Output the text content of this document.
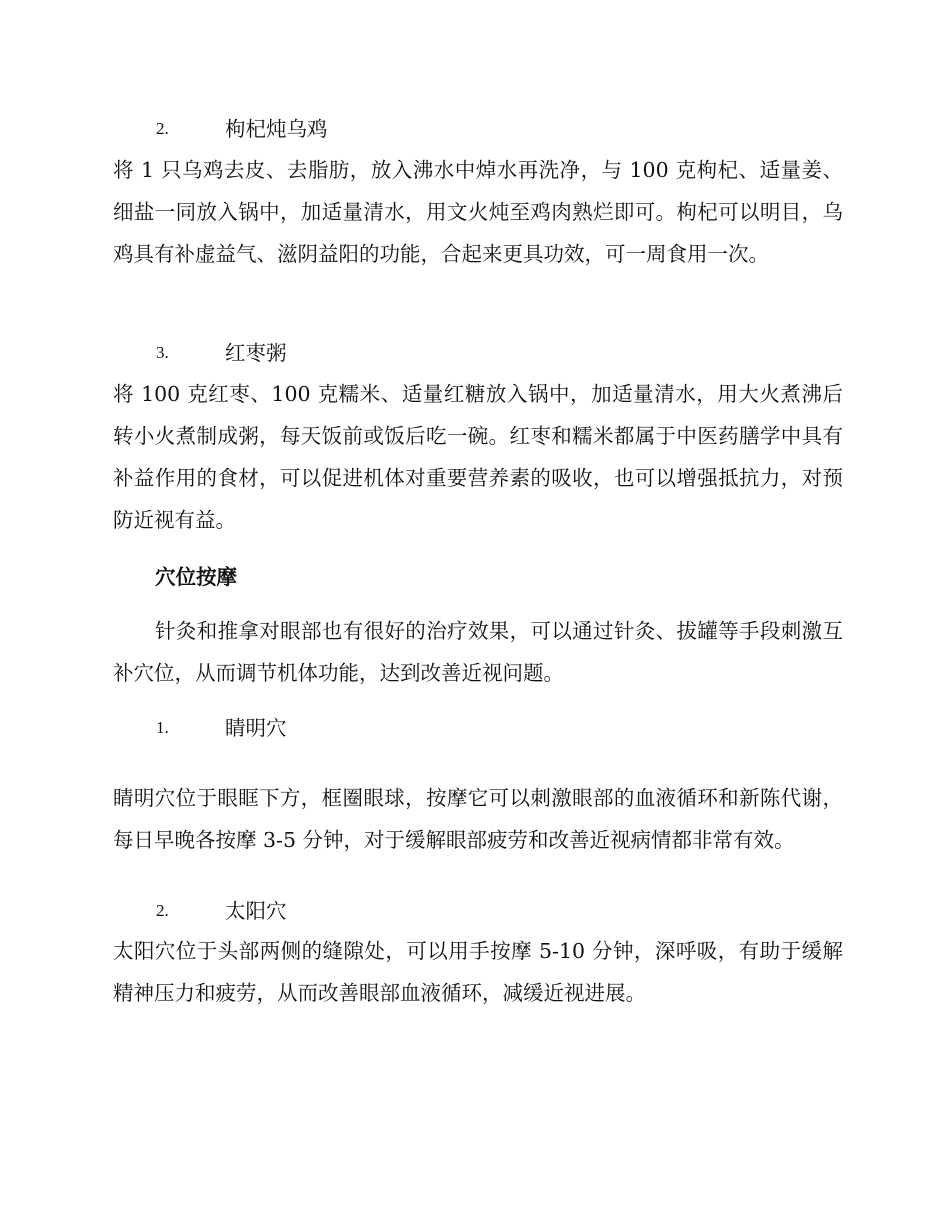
2.	枸杞炖乌鸡

将 1 只乌鸡去皮、去脂肪，放入沸水中焯水再洗净，与 100 克枸杞、适量姜、细盐一同放入锅中，加适量清水，用文火炖至鸡肉熟烂即可。枸杞可以明目，乌鸡具有补虚益气、滋阴益阳的功能，合起来更具功效，可一周食用一次。

3.	红枣粥

将 100 克红枣、100 克糯米、适量红糖放入锅中，加适量清水，用大火煮沸后转小火煮制成粥，每天饭前或饭后吃一碗。红枣和糯米都属于中医药膳学中具有补益作用的食材，可以促进机体对重要营养素的吸收，也可以增强抵抗力，对预防近视有益。

穴位按摩

针灸和推拿对眼部也有很好的治疗效果，可以通过针灸、拔罐等手段刺激互补穴位，从而调节机体功能，达到改善近视问题。

1.	睛明穴

睛明穴位于眼眶下方，框圈眼球，按摩它可以刺激眼部的血液循环和新陈代谢，每日早晚各按摩 3-5 分钟，对于缓解眼部疲劳和改善近视病情都非常有效。

2.	太阳穴

太阳穴位于头部两侧的缝隙处，可以用手按摩 5-10 分钟，深呼吸，有助于缓解精神压力和疲劳，从而改善眼部血液循环，减缓近视进展。
